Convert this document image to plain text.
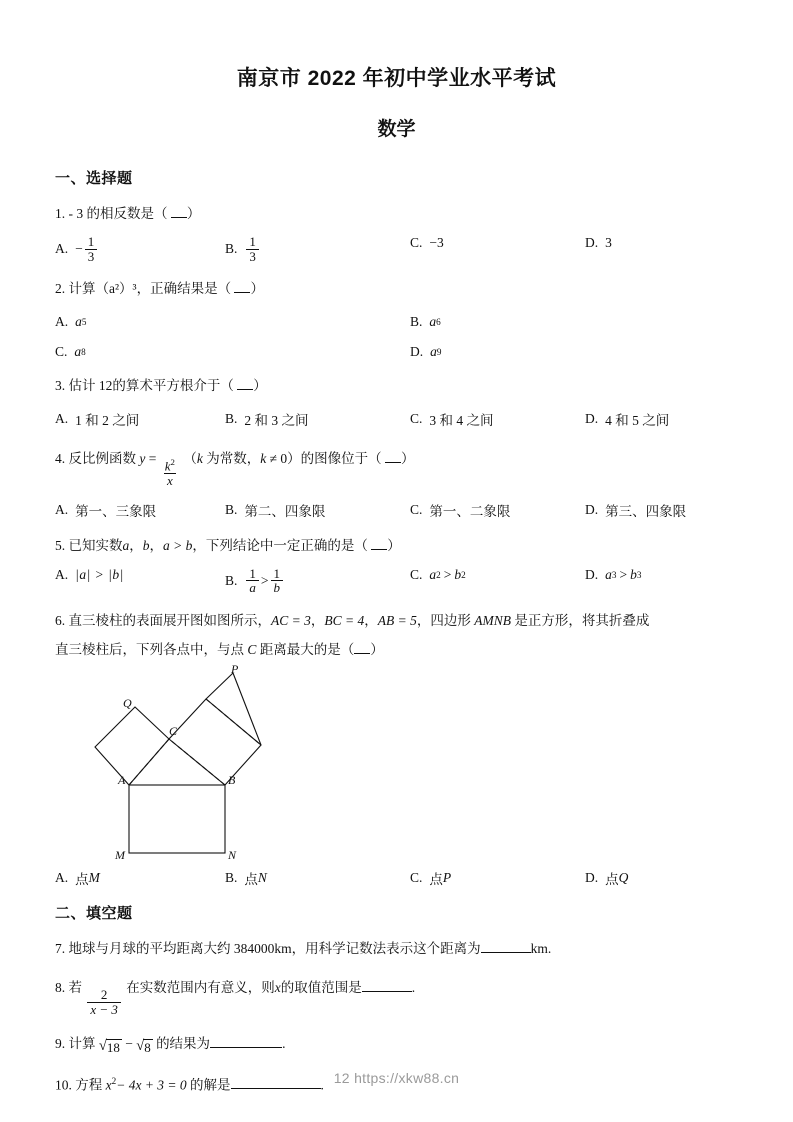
南京市 2022 年初中学业水平考试
数学
一、选择题
1. - 3 的相反数是（ ）
A. − $\frac{1}{3}$	B. $\frac{1}{3}$	C. −3	D. 3
2. 计算（a²）³，正确结果是（ ）
A. a 5	B. a 6
C. a 8	D. a 9
3. 估计 12的算术平方根介于（ ）
A. 1 和 2 之间	B. 2 和 3 之间	C. 3 和 4 之间	D. 4 和 5 之间
4. 反比例函数 $y = \frac{k^2}{x} (k$ 为常数，k ≠ 0）的图像位于（ ）
A. 第一、三象限	B. 第二、四象限	C. 第一、二象限	D. 第三、四象限
5. 已知实数a，b，a > b，下列结论中一定正确的是（ ）
A. |a| > |b|	B. $\frac{1}{a} > \frac{1}{b}$	C. a 2 > b 2	D. a 3 > b 3
6. 直三棱柱的表面展开图如图所示，AC = 3，BC = 4，AB = 5，四边形 AMNB 是正方形，将其折叠成
直三棱柱后，下列各点中，与点 C 距离最大的是（ ）
P
Q
C
A	B
M	N
A. 点 M	B. 点 N	C. 点 P	D. 点 Q
二、填空题
7. 地球与月球的平均距离大约 384000km，用科学记数法表示这个距离为	km.
8. 若
$\frac{2}{x - 3}$
在实数范围内有意义，则x的取值范围是	.
9. 计算 √ 18 − √ 8 的结果为	.
10. 方程 $x^2- 4x + 3 = 0$ 的解是	. 12 https://xkw88.cn
